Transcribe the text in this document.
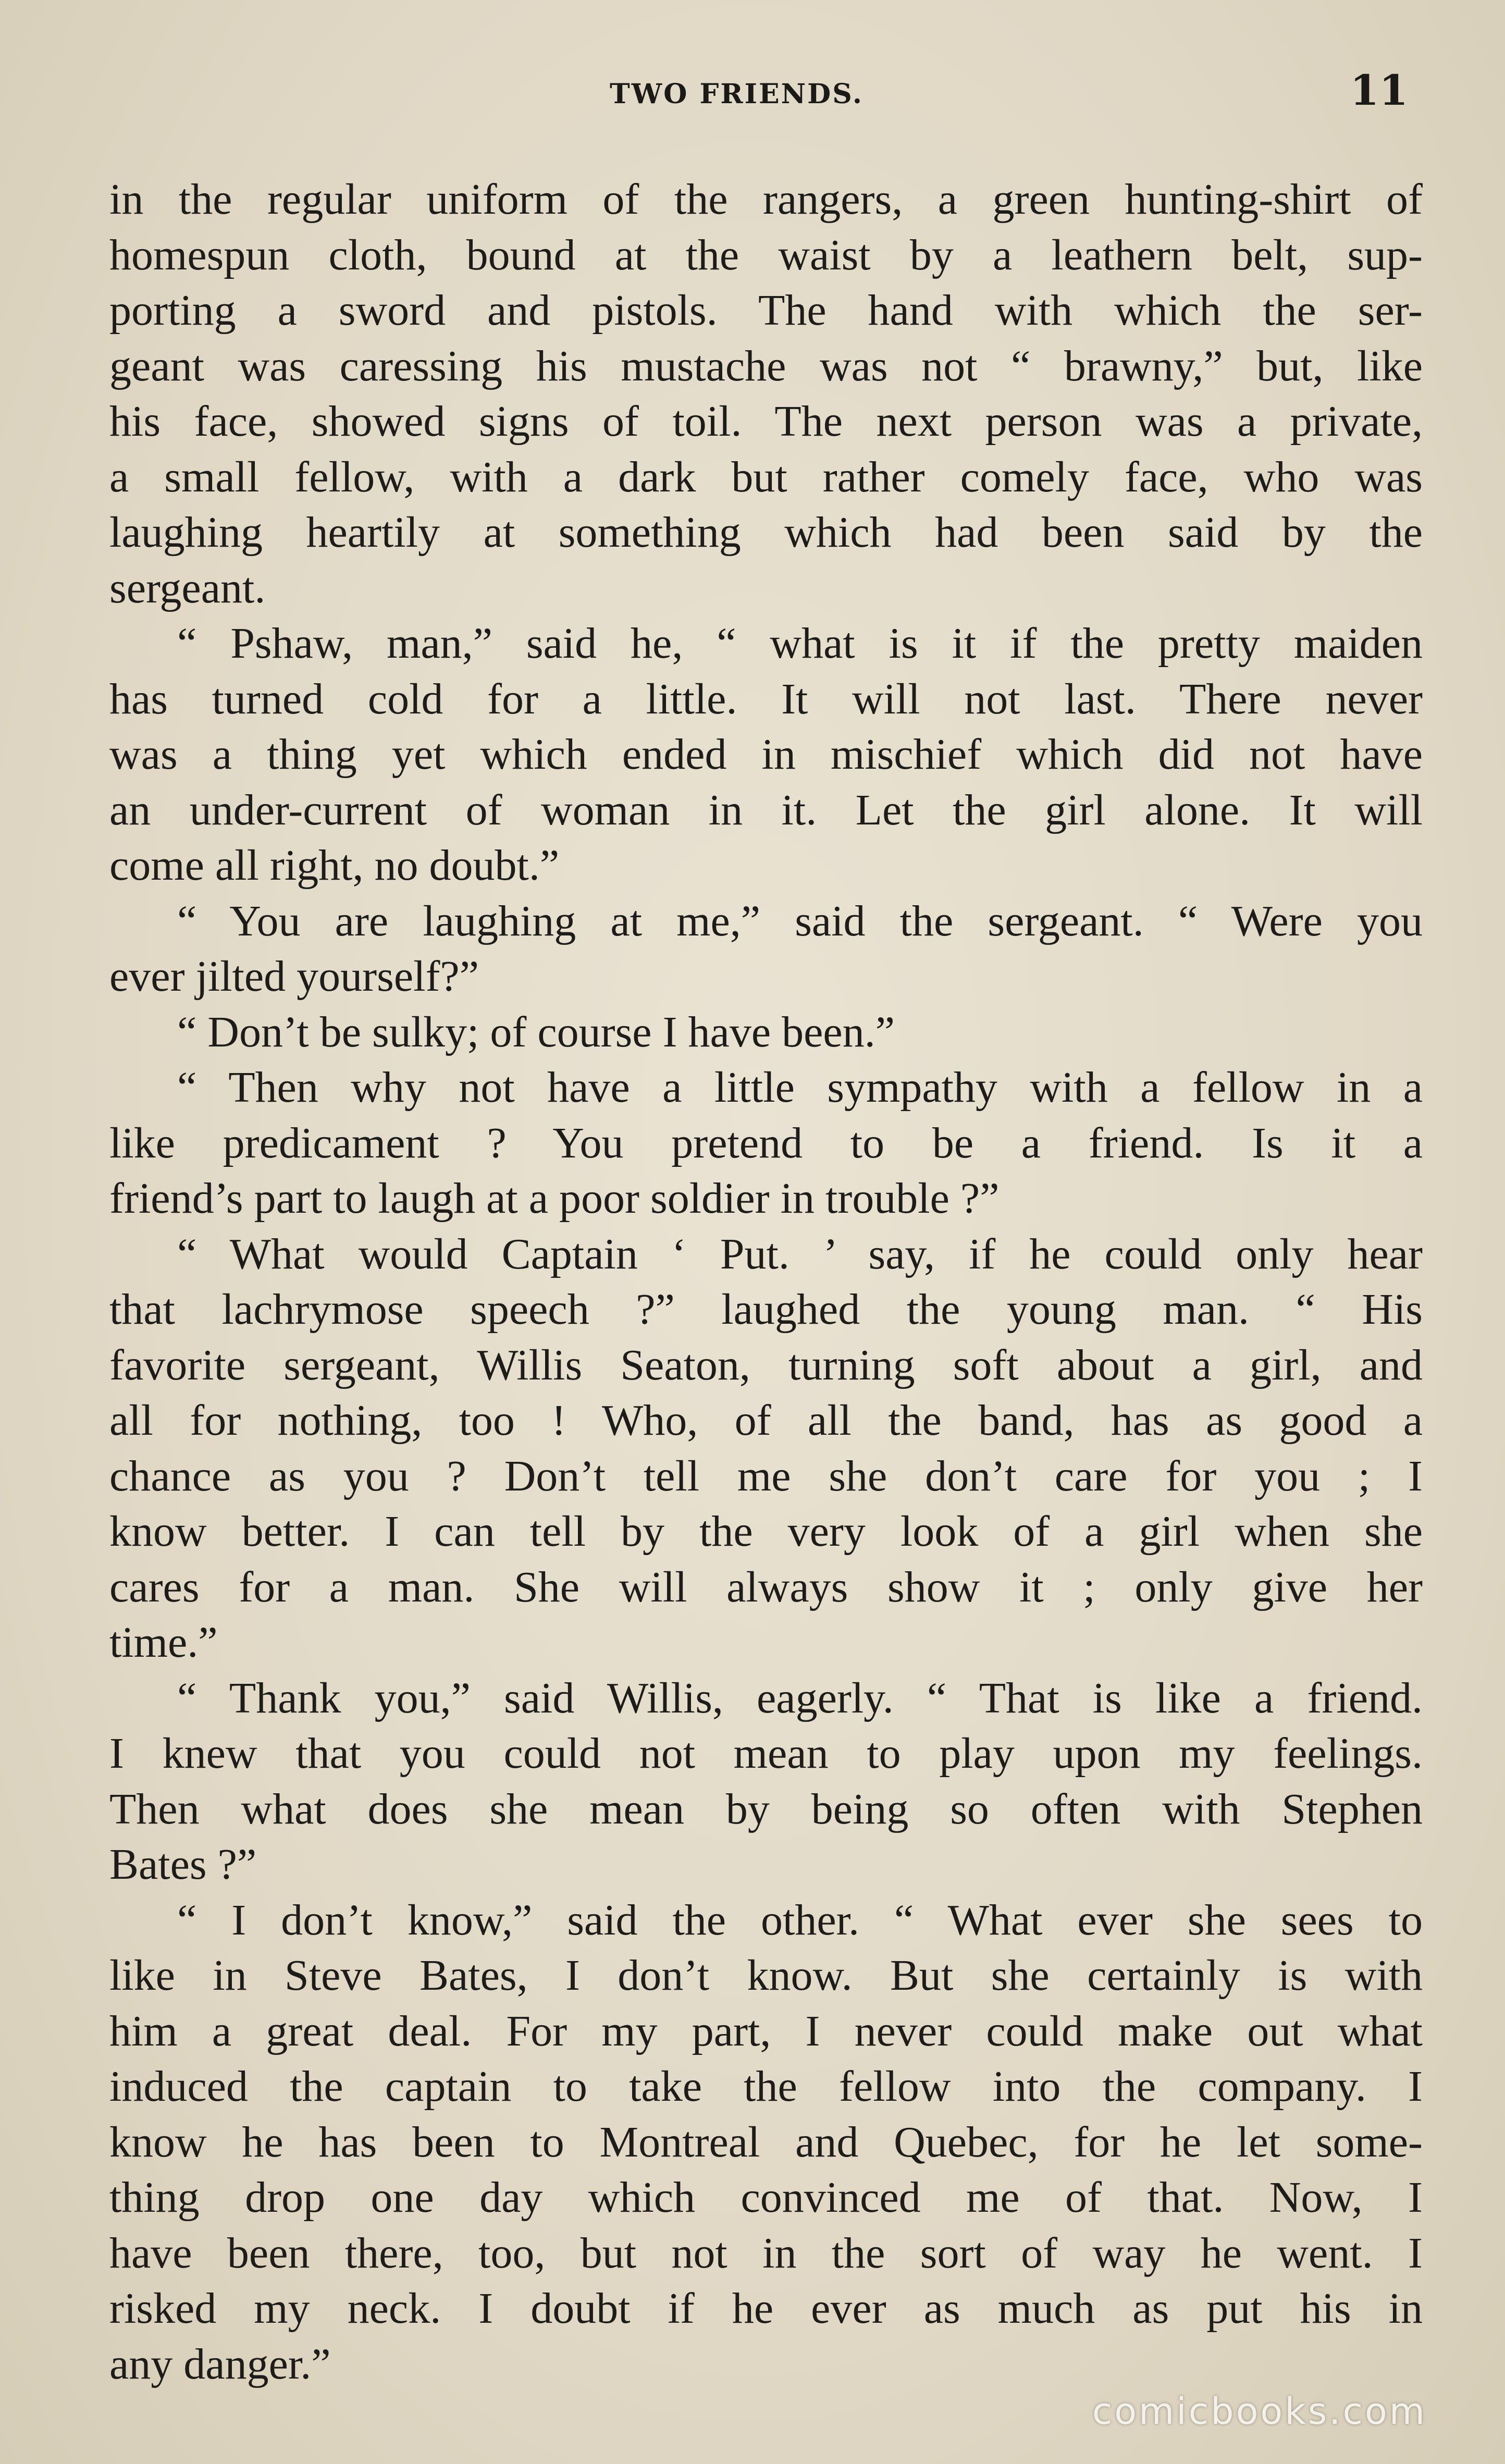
TWO FRIENDS.	11
in the regular uniform of the rangers, a green hunting-shirt of
homespun cloth, bound at the waist by a leathern belt, sup-
porting a sword and pistols. The hand with which the ser-
geant was caressing his mustache was not “ brawny,” but, like
his face, showed signs of toil. The next person was a private,
a small fellow, with a dark but rather comely face, who was
laughing heartily at something which had been said by the
sergeant.
“ Pshaw, man,” said he, “ what is it if the pretty maiden
has turned cold for a little. It will not last. There never
was a thing yet which ended in mischief which did not have
an under-current of woman in it. Let the girl alone. It will
come all right, no doubt.”
“ You are laughing at me,” said the sergeant. “ Were you
ever jilted yourself?”
“ Don’t be sulky; of course I have been.”
“ Then why not have a little sympathy with a fellow in a
like predicament ? You pretend to be a friend. Is it a
friend’s part to laugh at a poor soldier in trouble ?”
“ What would Captain ‘ Put. ’ say, if he could only hear
that lachrymose speech ?” laughed the young man. “ His
favorite sergeant, Willis Seaton, turning soft about a girl, and
all for nothing, too ! Who, of all the band, has as good a
chance as you ? Don’t tell me she don’t care for you ; I
know better. I can tell by the very look of a girl when she
cares for a man. She will always show it ; only give her
time.”
“ Thank you,” said Willis, eagerly. “ That is like a friend.
I knew that you could not mean to play upon my feelings.
Then what does she mean by being so often with Stephen
Bates ?”
“ I don’t know,” said the other. “ What ever she sees to
like in Steve Bates, I don’t know. But she certainly is with
him a great deal. For my part, I never could make out what
induced the captain to take the fellow into the company. I
know he has been to Montreal and Quebec, for he let some-
thing drop one day which convinced me of that. Now, I
have been there, too, but not in the sort of way he went. I
risked my neck. I doubt if he ever as much as put his in
any danger.”
comicbooks.com
